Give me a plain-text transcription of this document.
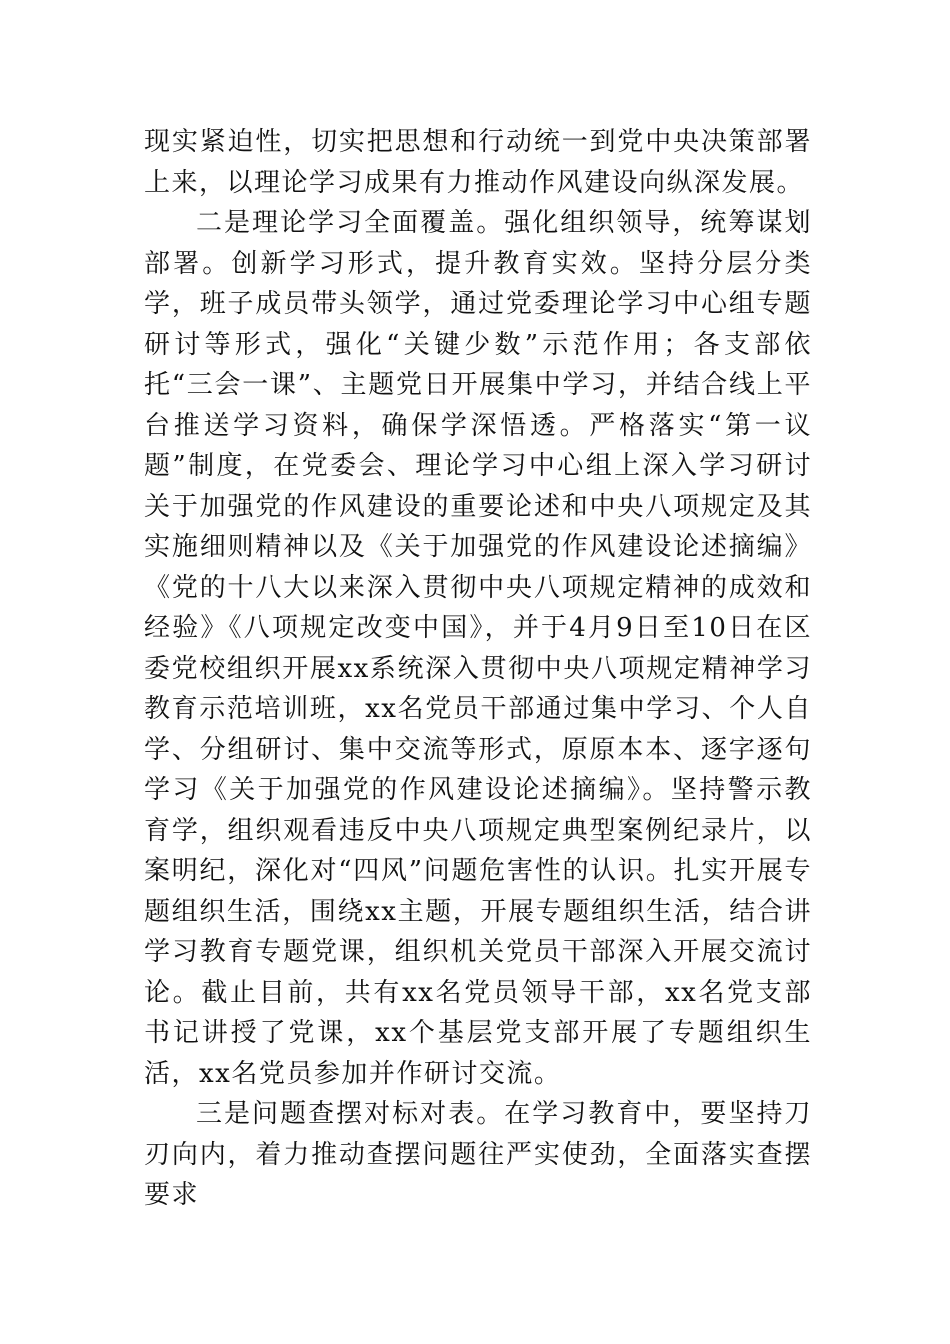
现实紧迫性，切实把思想和行动统一到党中央决策部署上来，以理论学习成果有力推动作风建设向纵深发展。

二是理论学习全面覆盖。强化组织领导，统筹谋划部署。创新学习形式，提升教育实效。坚持分层分类学，班子成员带头领学，通过党委理论学习中心组专题研讨等形式，强化“关键少数”示范作用；各支部依托“三会一课”、主题党日开展集中学习，并结合线上平台推送学习资料，确保学深悟透。严格落实“第一议题”制度，在党委会、理论学习中心组上深入学习研讨关于加强党的作风建设的重要论述和中央八项规定及其实施细则精神以及《关于加强党的作风建设论述摘编》《党的十八大以来深入贯彻中央八项规定精神的成效和经验》《八项规定改变中国》，并于4月9日至10日在区委党校组织开展xx系统深入贯彻中央八项规定精神学习教育示范培训班，xx名党员干部通过集中学习、个人自学、分组研讨、集中交流等形式，原原本本、逐字逐句学习《关于加强党的作风建设论述摘编》。坚持警示教育学，组织观看违反中央八项规定典型案例纪录片，以案明纪，深化对“四风”问题危害性的认识。扎实开展专题组织生活，围绕xx主题，开展专题组织生活，结合讲学习教育专题党课，组织机关党员干部深入开展交流讨论。截止目前，共有xx名党员领导干部，xx名党支部书记讲授了党课，xx个基层党支部开展了专题组织生活，xx名党员参加并作研讨交流。

三是问题查摆对标对表。在学习教育中，要坚持刀刃向内，着力推动查摆问题往严实使劲，全面落实查摆要求
